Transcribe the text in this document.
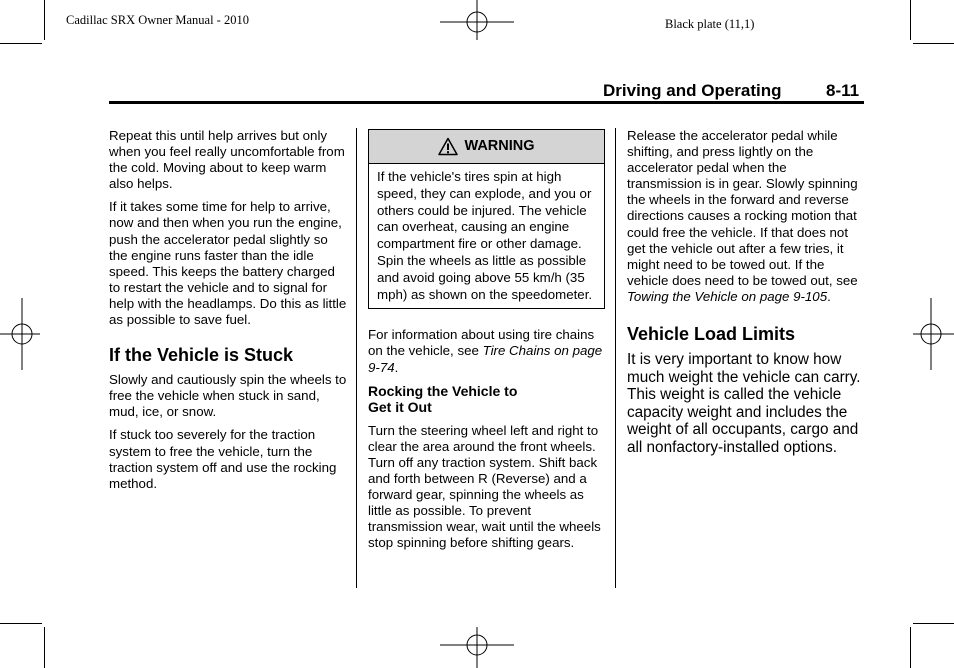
Cadillac SRX Owner Manual - 2010	Black plate (11,1)
Driving and Operating	8-11

Repeat this until help arrives but only when you feel really uncomfortable from the cold. Moving about to keep warm also helps.

If it takes some time for help to arrive, now and then when you run the engine, push the accelerator pedal slightly so the engine runs faster than the idle speed. This keeps the battery charged to restart the vehicle and to signal for help with the headlamps. Do this as little as possible to save fuel.

If the Vehicle is Stuck

Slowly and cautiously spin the wheels to free the vehicle when stuck in sand, mud, ice, or snow.

If stuck too severely for the traction system to free the vehicle, turn the traction system off and use the rocking method.

WARNING
If the vehicle's tires spin at high speed, they can explode, and you or others could be injured. The vehicle can overheat, causing an engine compartment fire or other damage. Spin the wheels as little as possible and avoid going above 55 km/h (35 mph) as shown on the speedometer.

For information about using tire chains on the vehicle, see Tire Chains on page 9-74.

Rocking the Vehicle to
Get it Out

Turn the steering wheel left and right to clear the area around the front wheels. Turn off any traction system. Shift back and forth between R (Reverse) and a forward gear, spinning the wheels as little as possible. To prevent transmission wear, wait until the wheels stop spinning before shifting gears.

Release the accelerator pedal while shifting, and press lightly on the accelerator pedal when the transmission is in gear. Slowly spinning the wheels in the forward and reverse directions causes a rocking motion that could free the vehicle. If that does not get the vehicle out after a few tries, it might need to be towed out. If the vehicle does need to be towed out, see Towing the Vehicle on page 9-105.

Vehicle Load Limits

It is very important to know how much weight the vehicle can carry. This weight is called the vehicle capacity weight and includes the weight of all occupants, cargo and all nonfactory-installed options.
